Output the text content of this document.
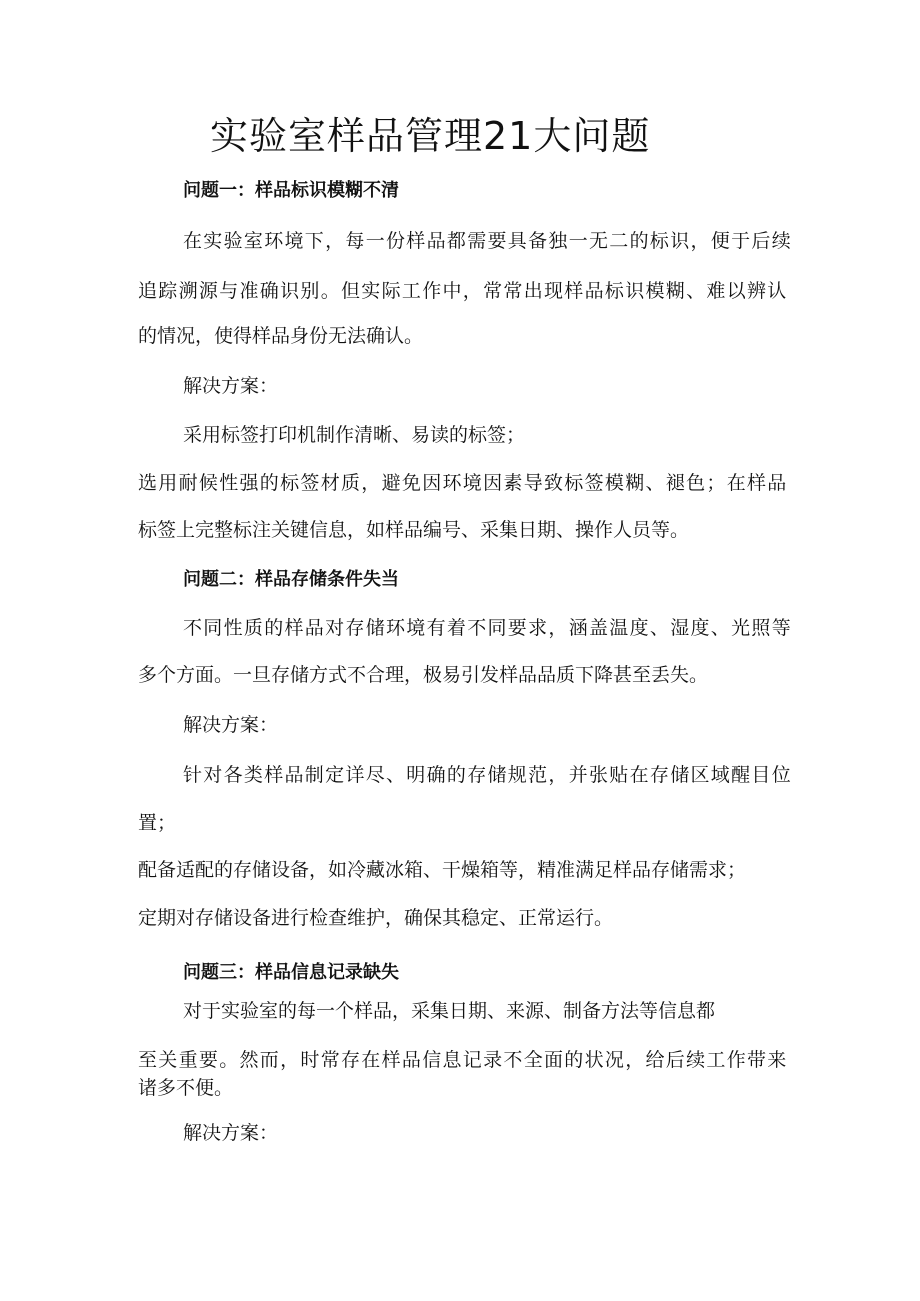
实验室样品管理21大问题
问题一：样品标识模糊不清
在实验室环境下，每一份样品都需要具备独一无二的标识，便于后续
追踪溯源与准确识别。但实际工作中，常常出现样品标识模糊、难以辨认
的情况，使得样品身份无法确认。
解决方案：
采用标签打印机制作清晰、易读的标签；
选用耐候性强的标签材质，避免因环境因素导致标签模糊、褪色；在样品
标签上完整标注关键信息，如样品编号、采集日期、操作人员等。
问题二：样品存储条件失当
不同性质的样品对存储环境有着不同要求，涵盖温度、湿度、光照等
多个方面。一旦存储方式不合理，极易引发样品品质下降甚至丢失。
解决方案：
针对各类样品制定详尽、明确的存储规范，并张贴在存储区域醒目位
置；
配备适配的存储设备，如冷藏冰箱、干燥箱等，精准满足样品存储需求；
定期对存储设备进行检查维护，确保其稳定、正常运行。
问题三：样品信息记录缺失
对于实验室的每一个样品，采集日期、来源、制备方法等信息都
至关重要。然而，时常存在样品信息记录不全面的状况，给后续工作带来
诸多不便。
解决方案：
